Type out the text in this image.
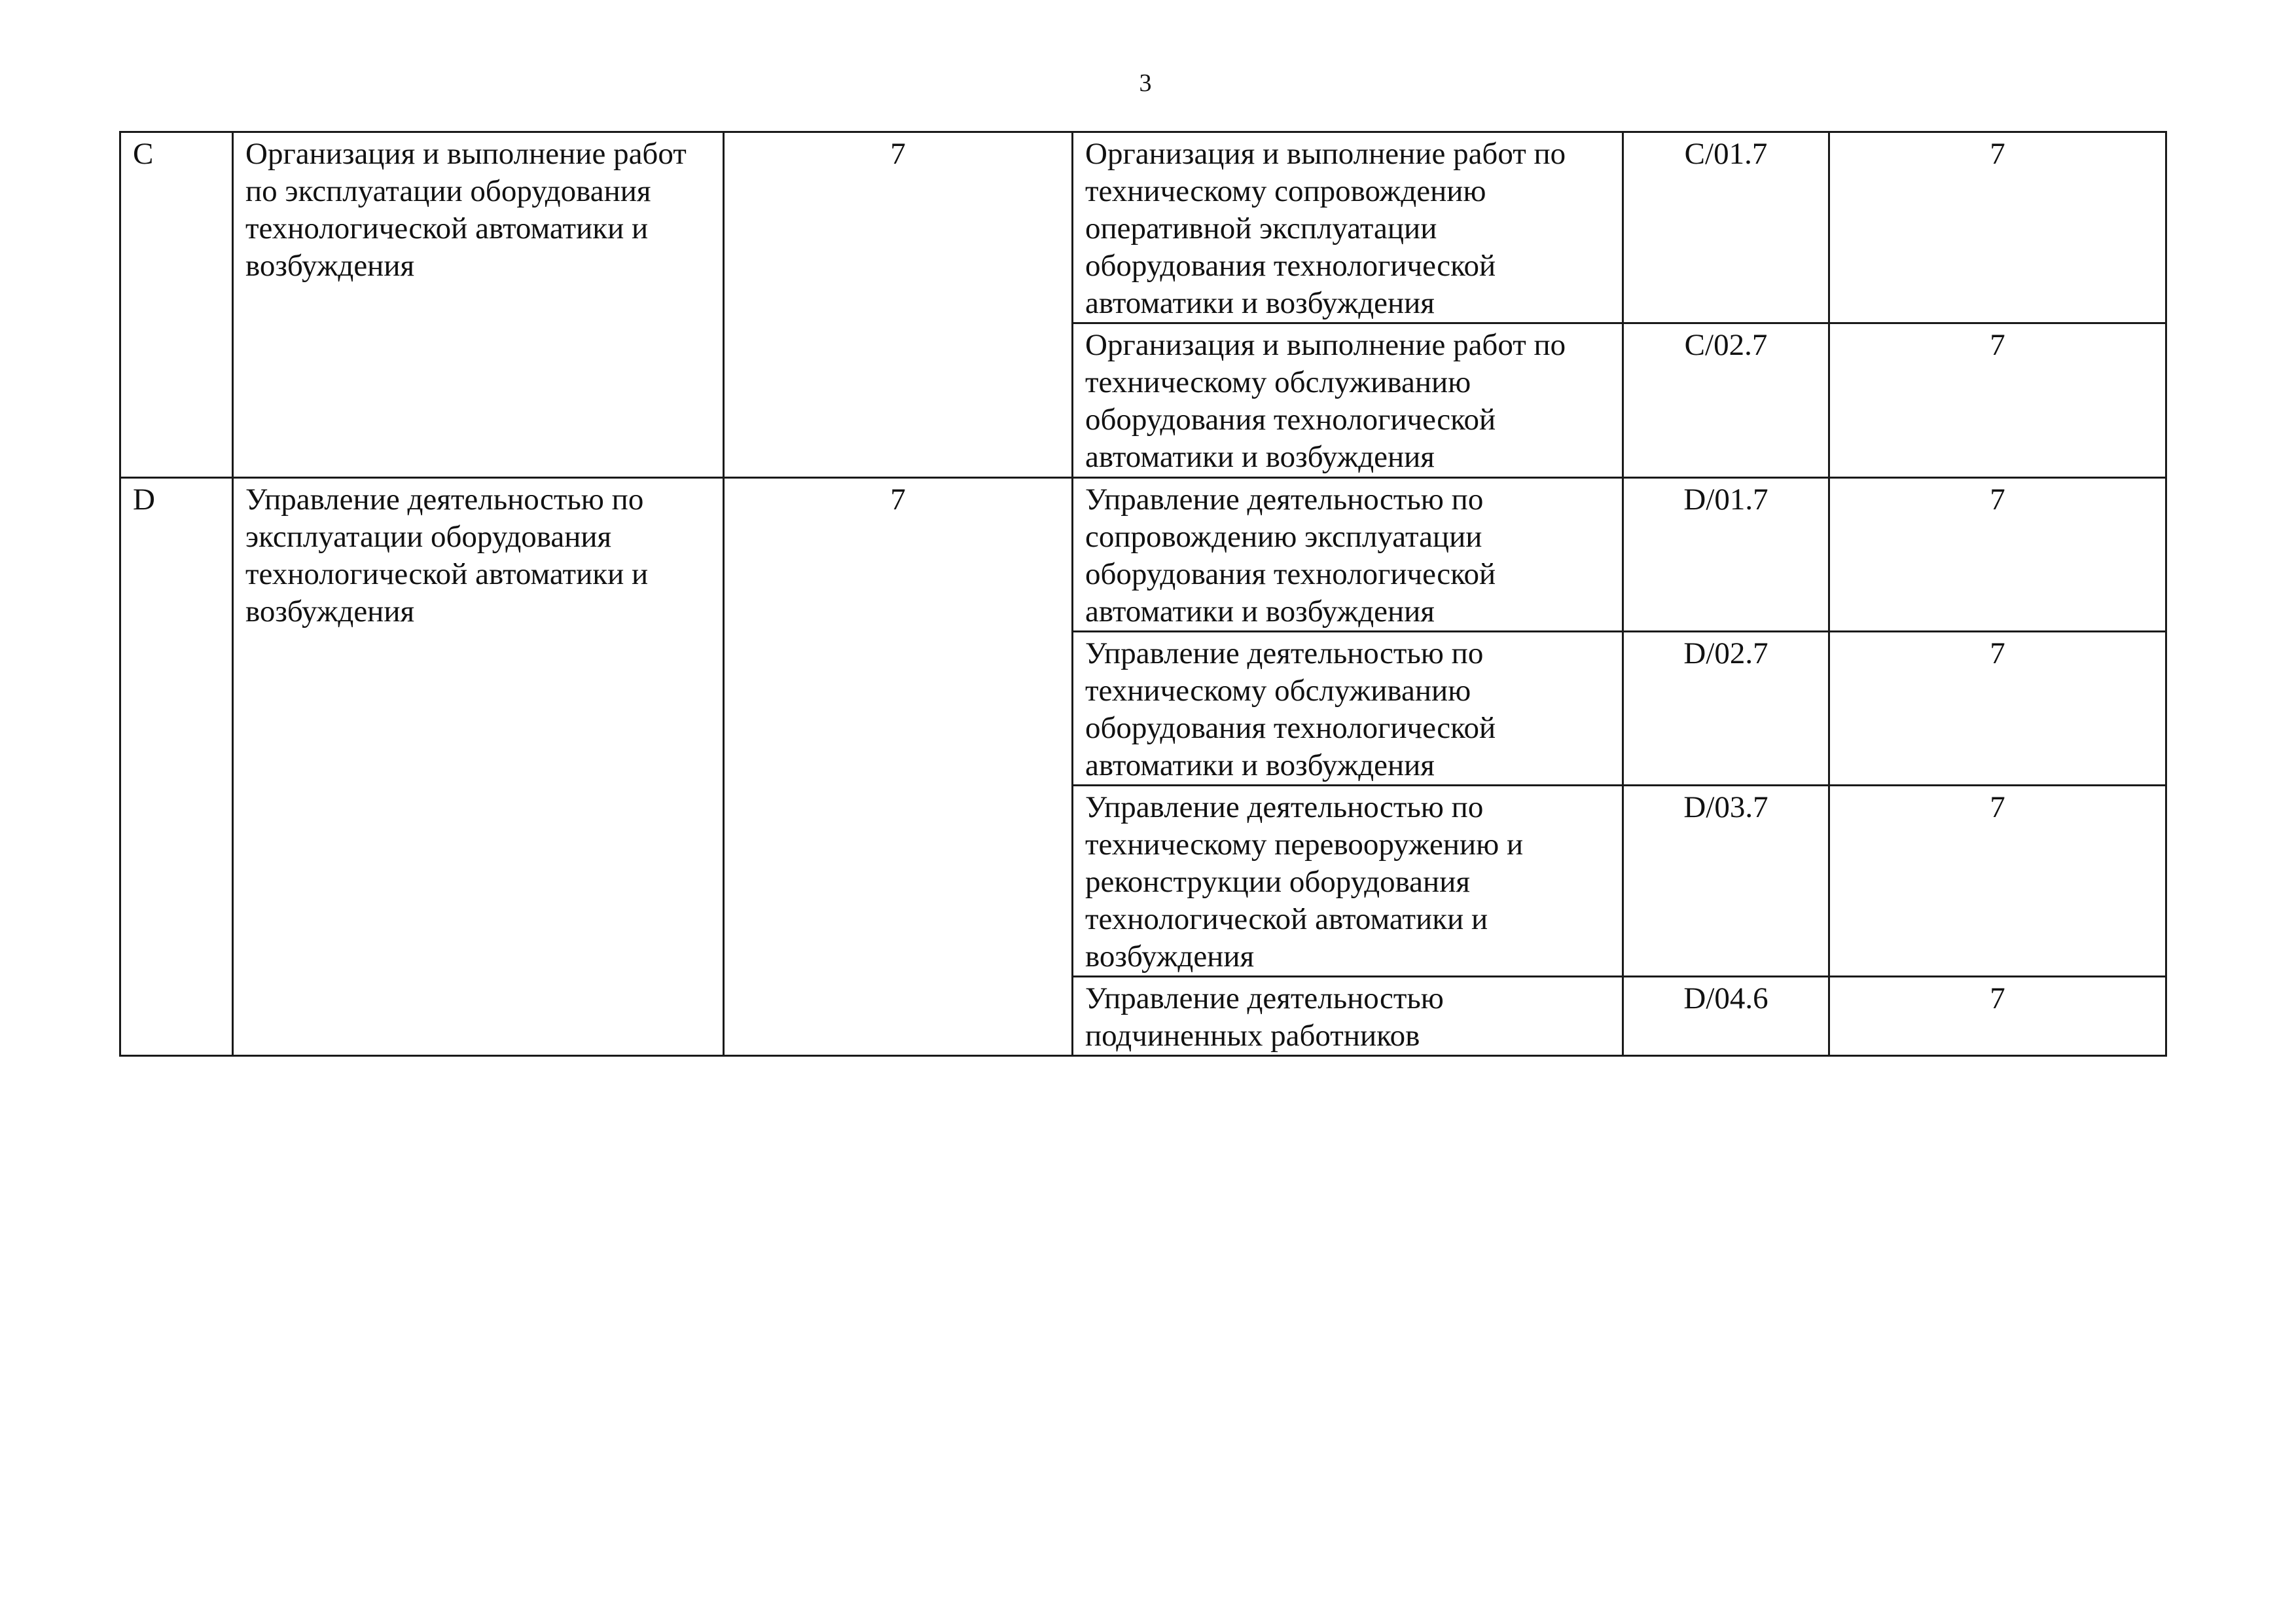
3
C	Организация и выполнение работ по эксплуатации оборудования технологической автоматики и возбуждения	7	Организация и выполнение работ по техническому сопровождению оперативной эксплуатации оборудования технологической автоматики и возбуждения	C/01.7	7
			Организация и выполнение работ по техническому обслуживанию оборудования технологической автоматики и возбуждения	C/02.7	7
D	Управление деятельностью по эксплуатации оборудования технологической автоматики и возбуждения	7	Управление деятельностью по сопровождению эксплуатации оборудования технологической автоматики и возбуждения	D/01.7	7
			Управление деятельностью по техническому обслуживанию оборудования технологической автоматики и возбуждения	D/02.7	7
			Управление деятельностью по техническому перевооружению и реконструкции оборудования технологической автоматики и возбуждения	D/03.7	7
			Управление деятельностью подчиненных работников	D/04.6	7
